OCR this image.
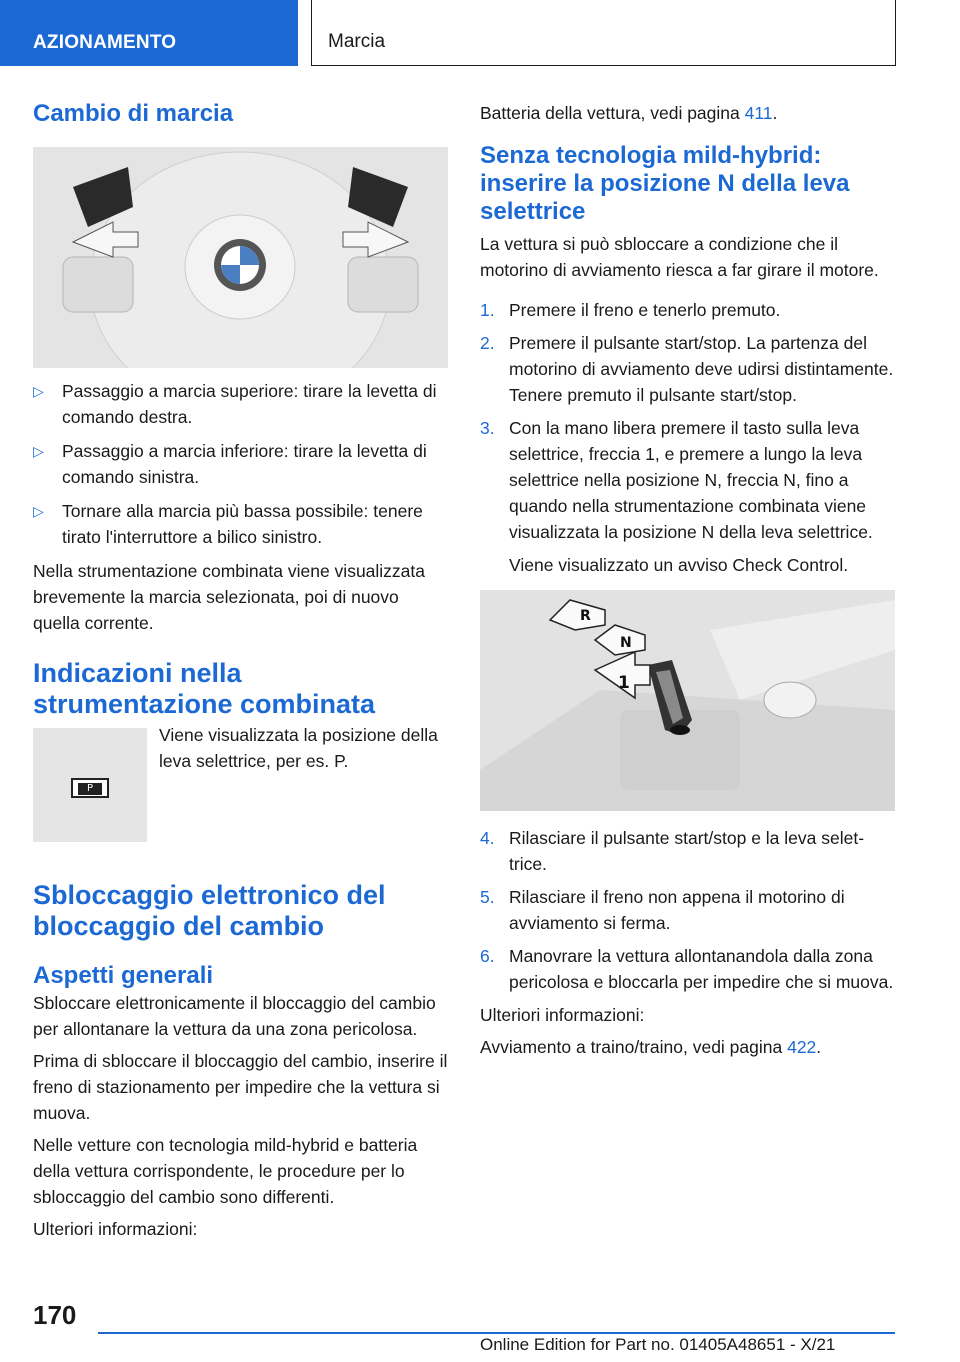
AZIONAMENTO	Marcia
Cambio di marcia
▷ Passaggio a marcia superiore: tirare la levetta di comando destra.
▷ Passaggio a marcia inferiore: tirare la levetta di comando sinistra.
▷ Tornare alla marcia più bassa possibile: tenere tirato l'interruttore a bilico sinistro.

Nella strumentazione combinata viene visualizzata brevemente la marcia selezionata, poi di nuovo quella corrente.

Indicazioni nella strumentazione combinata
P

Viene visualizzata la posizione della leva selettrice, per es. P.

Sbloccaggio elettronico del bloccaggio del cambio
Aspetti generali

Sbloccare elettronicamente il bloccaggio del cambio per allontanare la vettura da una zona pericolosa.

Prima di sbloccare il bloccaggio del cambio, inserire il freno di stazionamento per impedire che la vettura si muova.

Nelle vetture con tecnologia mild-hybrid e batteria della vettura corrispondente, le procedure per lo sbloccaggio del cambio sono differenti.

Ulteriori informazioni:

Batteria della vettura, vedi pagina 411.

Senza tecnologia mild-hybrid: inserire la posizione N della leva selettrice

La vettura si può sbloccare a condizione che il motorino di avviamento riesca a far girare il motore.

1. Premere il freno e tenerlo premuto.
2. Premere il pulsante start/stop. La partenza del motorino di avviamento deve udirsi distintamente. Tenere premuto il pulsante start/stop.
3. Con la mano libera premere il tasto sulla leva selettrice, freccia 1, e premere a lungo la leva selettrice nella posizione N, freccia N, fino a quando nella strumentazione combinata viene visualizzata la posizione N della leva selettrice.
Viene visualizzato un avviso Check Control.
R
N
1
4. Rilasciare il pulsante start/stop e la leva selettrice.
5. Rilasciare il freno non appena il motorino di avviamento si ferma.
6. Manovrare la vettura allontanandola dalla zona pericolosa e bloccarla per impedire che si muova.

Ulteriori informazioni:

Avviamento a traino/traino, vedi pagina 422.

170
Online Edition for Part no. 01405A48651 - X/21
